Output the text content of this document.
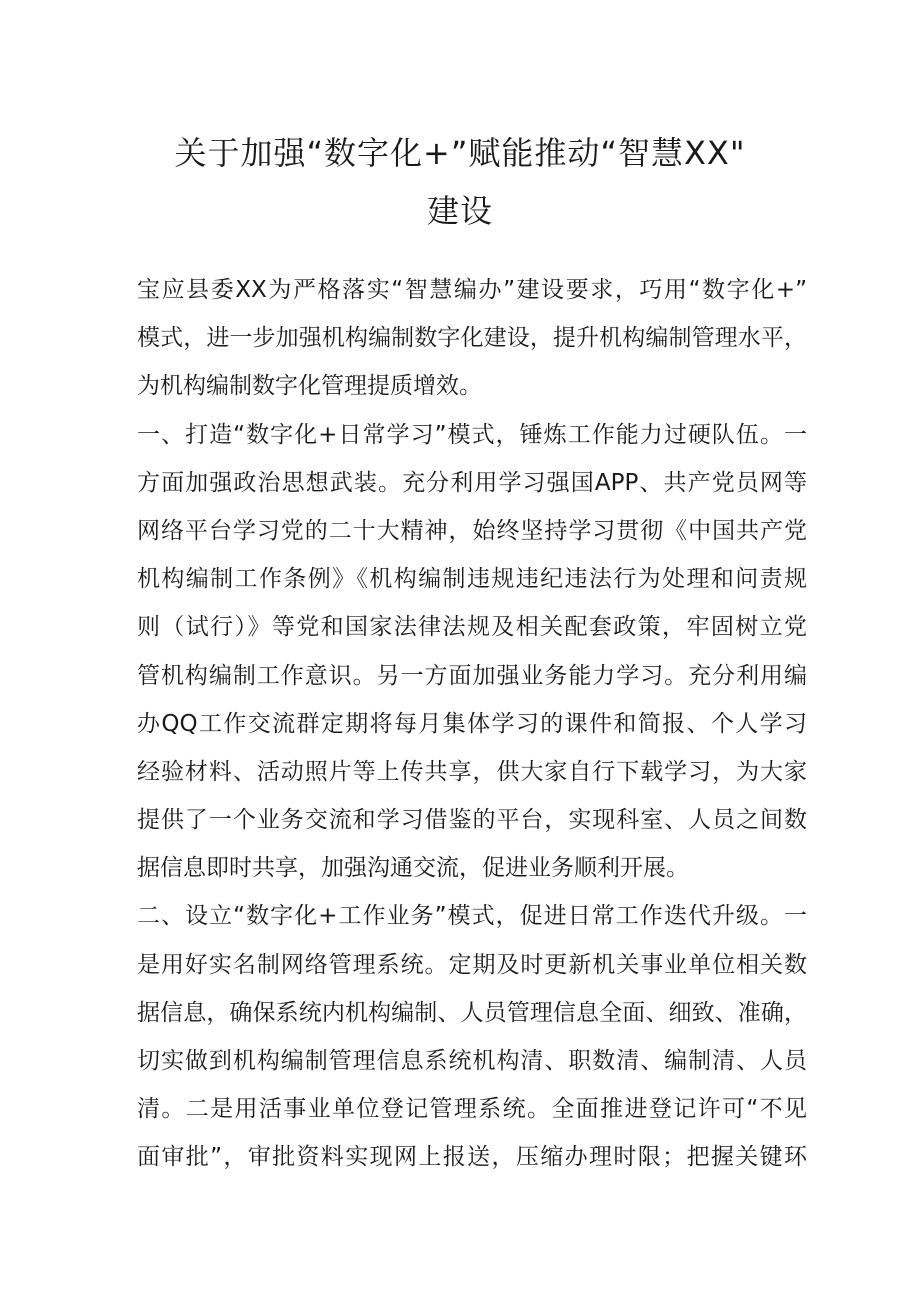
关于加强“数字化+”赋能推动“智慧XX"
建设
宝应县委XX为严格落实“智慧编办”建设要求，巧用“数字化+”
模式，进一步加强机构编制数字化建设，提升机构编制管理水平，
为机构编制数字化管理提质增效。
一、打造“数字化+日常学习”模式，锤炼工作能力过硬队伍。一
方面加强政治思想武装。充分利用学习强国APP、共产党员网等
网络平台学习党的二十大精神，始终坚持学习贯彻《中国共产党
机构编制工作条例》《机构编制违规违纪违法行为处理和问责规
则（试行）》等党和国家法律法规及相关配套政策，牢固树立党
管机构编制工作意识。另一方面加强业务能力学习。充分利用编
办QQ工作交流群定期将每月集体学习的课件和简报、个人学习
经验材料、活动照片等上传共享，供大家自行下载学习，为大家
提供了一个业务交流和学习借鉴的平台，实现科室、人员之间数
据信息即时共享，加强沟通交流，促进业务顺利开展。
二、设立“数字化+工作业务”模式，促进日常工作迭代升级。一
是用好实名制网络管理系统。定期及时更新机关事业单位相关数
据信息，确保系统内机构编制、人员管理信息全面、细致、准确，
切实做到机构编制管理信息系统机构清、职数清、编制清、人员
清。二是用活事业单位登记管理系统。全面推进登记许可“不见
面审批”，审批资料实现网上报送，压缩办理时限；把握关键环
